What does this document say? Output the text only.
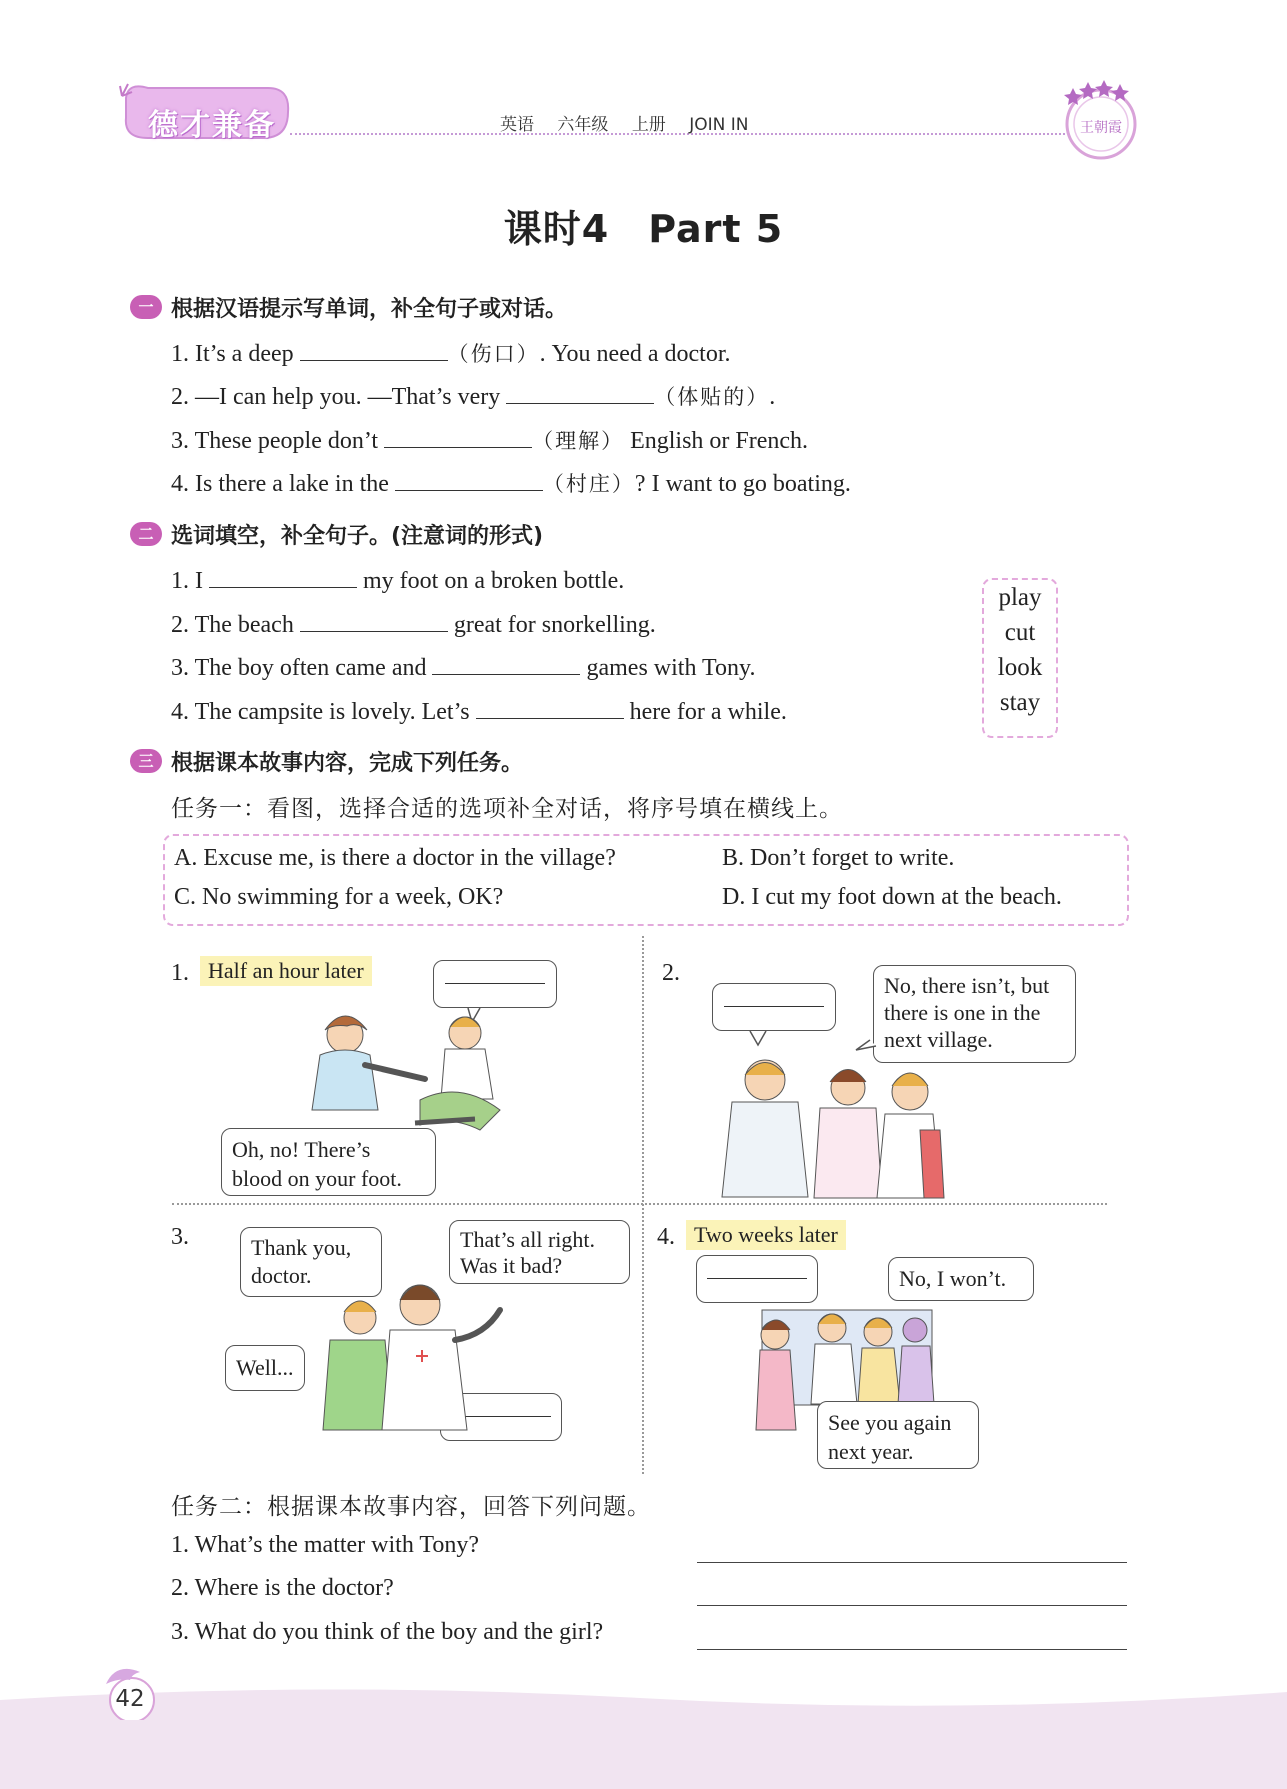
德才兼备	英语 六年级 上册 JOIN IN	王朝霞
课时4　Part 5
一 根据汉语提示写单词，补全句子或对话。
1. It’s a deep	（伤口）. You need a doctor.
2. —I can help you. —That’s very	（体贴的）.
3. These people don’t	（理解） English or French.
4. Is there a lake in the	（村庄）? I want to go boating.
二 选词填空，补全句子。(注意词的形式)
1. I	my foot on a broken bottle.
2. The beach	great for snorkelling.
3. The boy often came and	games with Tony.
4. The campsite is lovely. Let’s	here for a while.
play
cut
look
stay
三 根据课本故事内容，完成下列任务。
任务一：看图，选择合适的选项补全对话，将序号填在横线上。
A. Excuse me, is there a doctor in the village?	B. Don’t forget to write.
C. No swimming for a week, OK?	D. I cut my foot down at the beach.
1. Half an hour later
Oh, no! There’s blood on your foot.
2.	No, there isn’t, but there is one in the next village.
3.	Thank you, doctor.
That’s all right. Was it bad?
Well...
4. Two weeks later
No, I won’t.
See you again next year.
任务二：根据课本故事内容，回答下列问题。
1. What’s the matter with Tony?
2. Where is the doctor?
3. What do you think of the boy and the girl?
42
